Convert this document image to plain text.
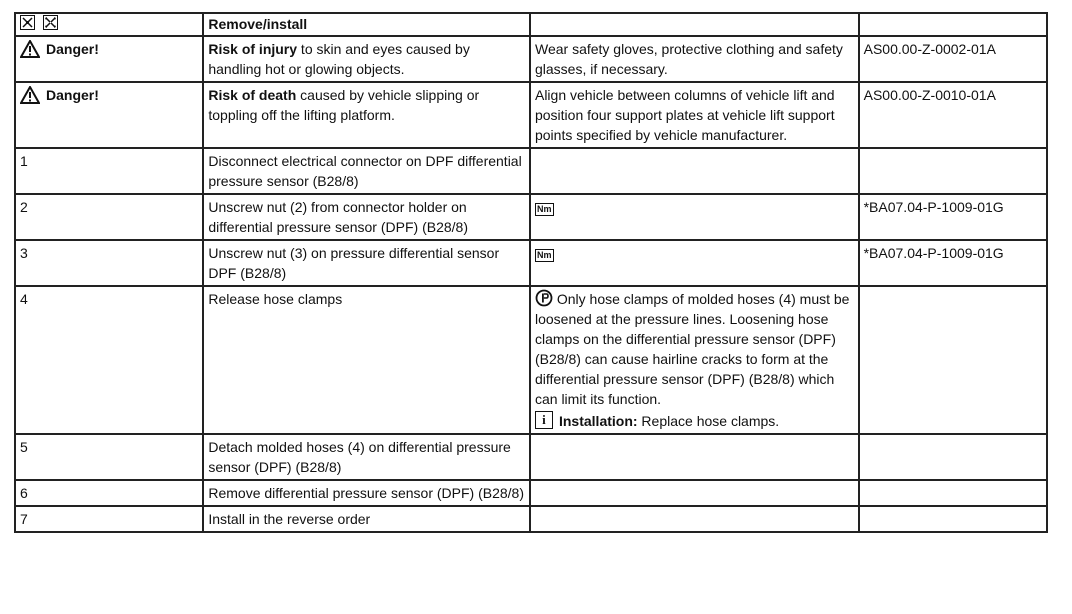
	Remove/install		

Danger!	Risk of injury to skin and eyes caused by handling hot or glowing objects.	Wear safety gloves, protective clothing and safety glasses, if necessary.	AS00.00-Z-0002-01A

Danger!	Risk of death caused by vehicle slipping or toppling off the lifting platform.	Align vehicle between columns of vehicle lift and position four support plates at vehicle lift support points specified by vehicle manufacturer.	AS00.00-Z-0010-01A
1	Disconnect electrical connector on DPF differential pressure sensor (B28/8)		
2	Unscrew nut (2) from connector holder on differential pressure sensor (DPF) (B28/8)	Nm	*BA07.04-P-1009-01G
3	Unscrew nut (3) on pressure differential sensor DPF (B28/8)	Nm	*BA07.04-P-1009-01G
4	Release hose clamps	Only hose clamps of molded hoses (4) must be loosened at the pressure lines. Loosening hose clamps on the differential pressure sensor (DPF) (B28/8) can cause hairline cracks to form at the differential pressure sensor (DPF) (B28/8) which can limit its function.
i Installation: Replace hose clamps.	

5	Detach molded hoses (4) on differential pressure sensor (DPF) (B28/8)		
6	Remove differential pressure sensor (DPF) (B28/8)		
7	Install in the reverse order		
